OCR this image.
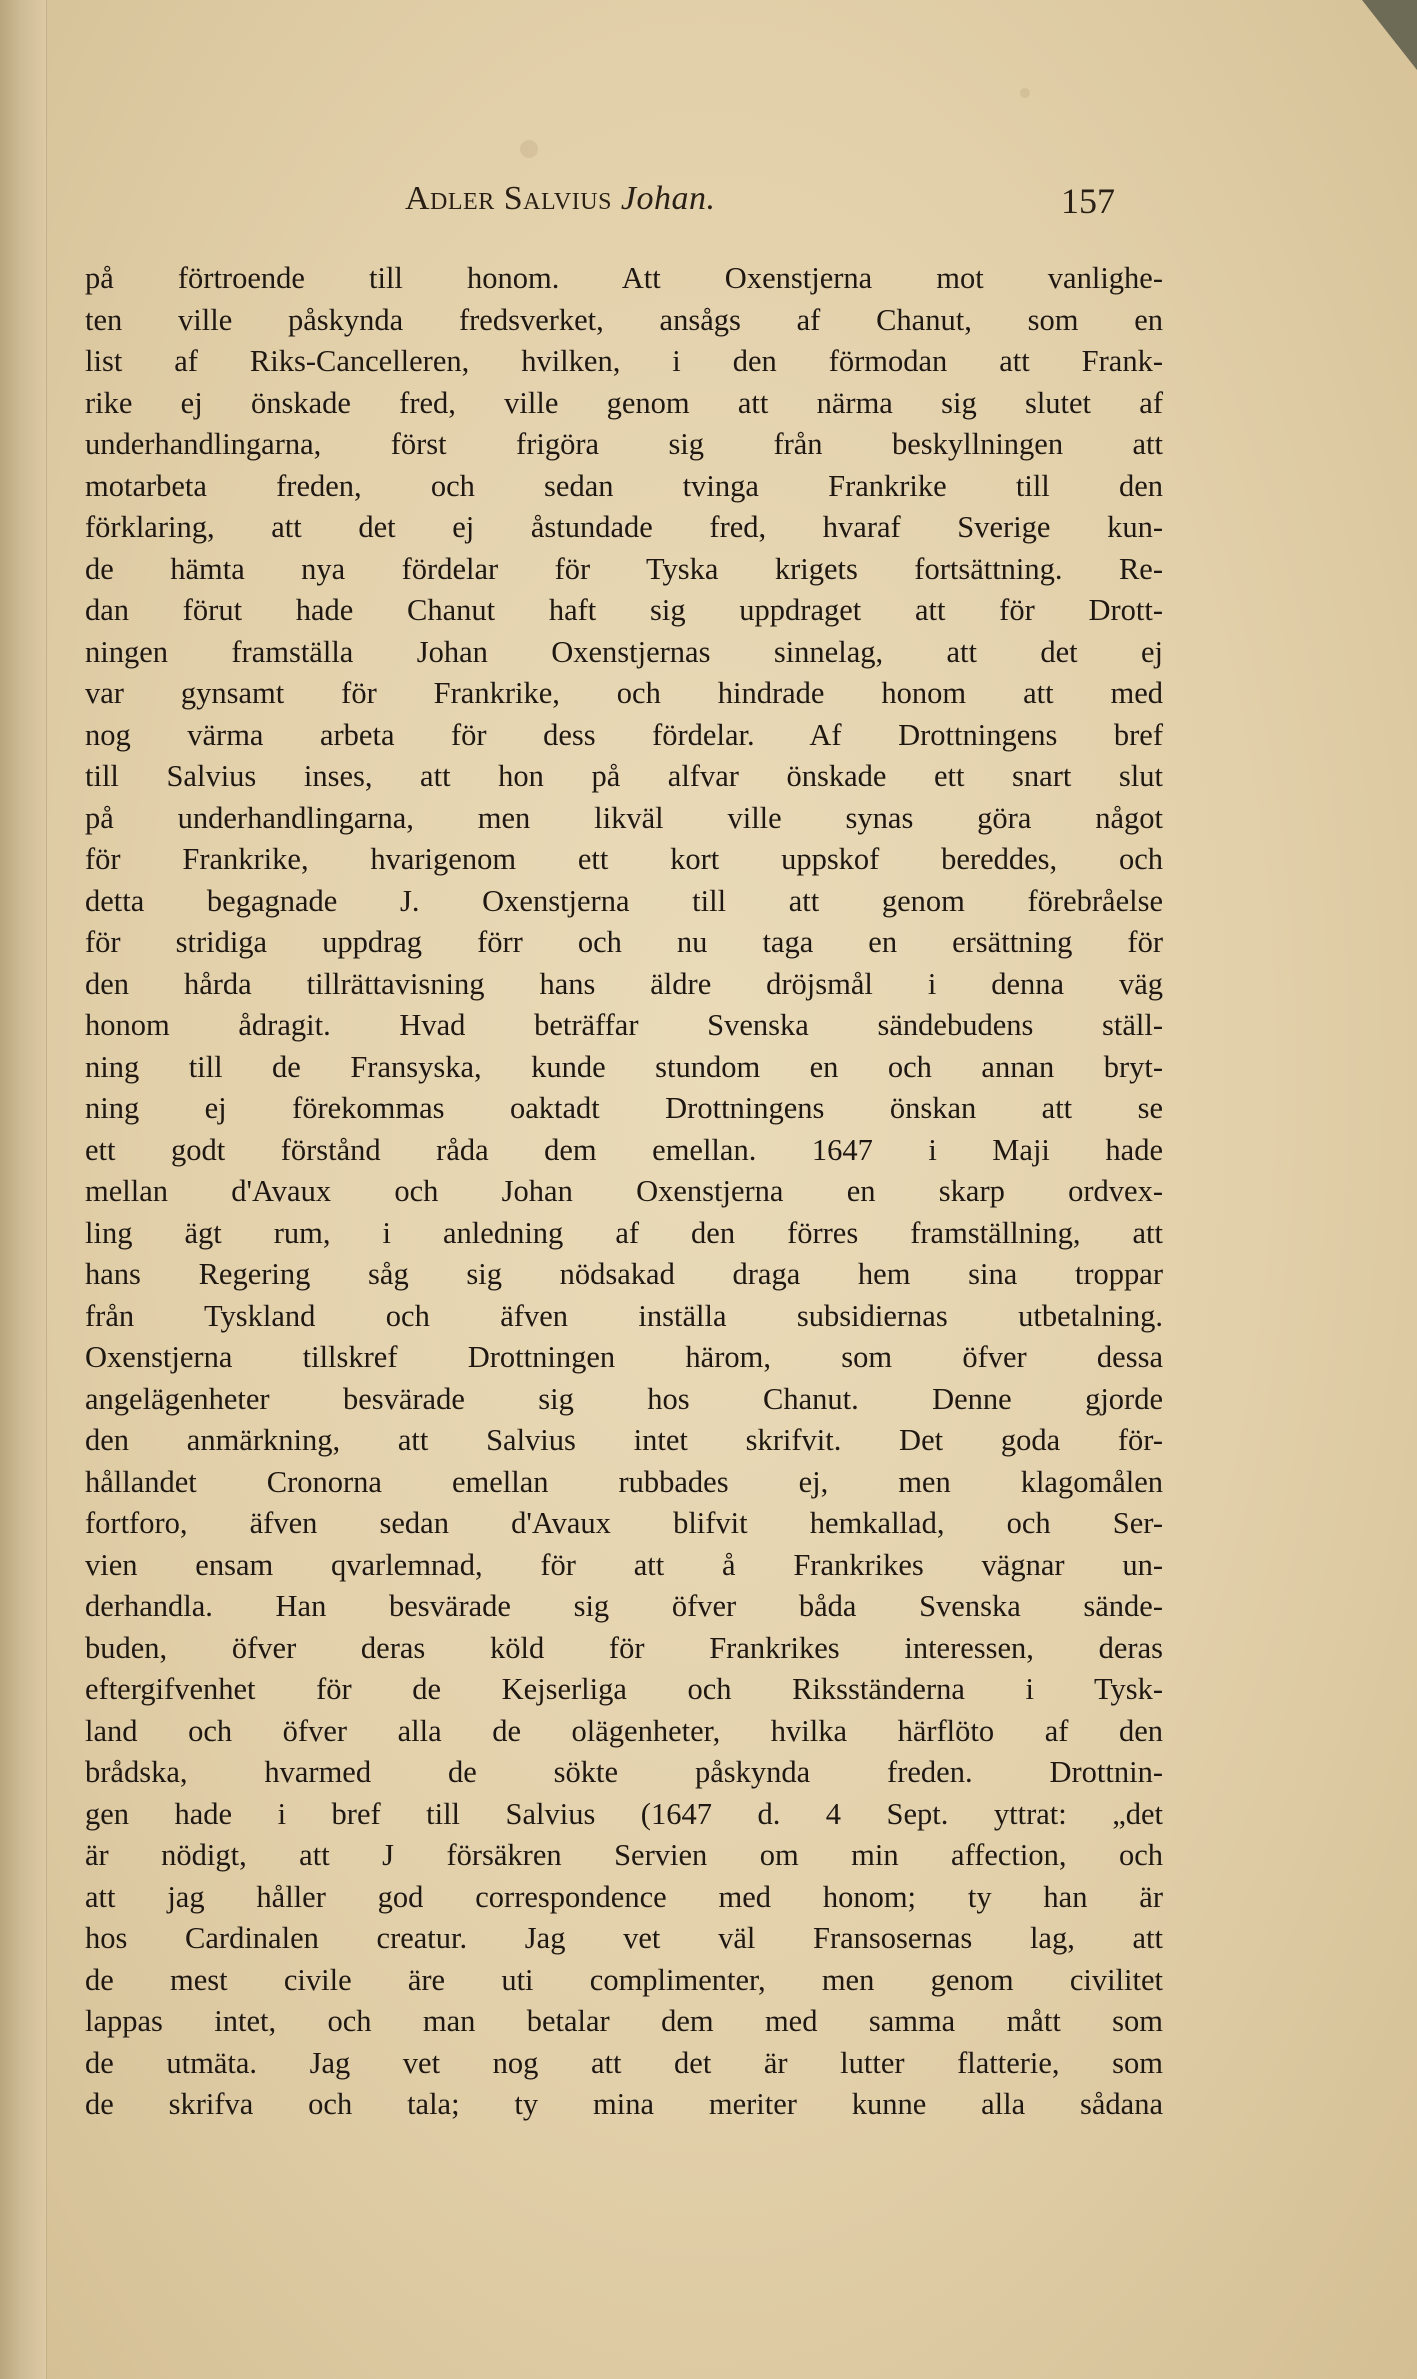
Adler Salvius Johan.	157
på förtroende till honom. Att Oxenstjerna mot vanlighe-
ten ville påskynda fredsverket, ansågs af Chanut, som en
list af Riks-Cancelleren, hvilken, i den förmodan att Frank-
rike ej önskade fred, ville genom att närma sig slutet af
underhandlingarna, först frigöra sig från beskyllningen att
motarbeta freden, och sedan tvinga Frankrike till den
förklaring, att det ej åstundade fred, hvaraf Sverige kun-
de hämta nya fördelar för Tyska krigets fortsättning. Re-
dan förut hade Chanut haft sig uppdraget att för Drott-
ningen framställa Johan Oxenstjernas sinnelag, att det ej
var gynsamt för Frankrike, och hindrade honom att med
nog värma arbeta för dess fördelar. Af Drottningens bref
till Salvius inses, att hon på alfvar önskade ett snart slut
på underhandlingarna, men likväl ville synas göra något
för Frankrike, hvarigenom ett kort uppskof bereddes, och
detta begagnade J. Oxenstjerna till att genom förebråelse
för stridiga uppdrag förr och nu taga en ersättning för
den hårda tillrättavisning hans äldre dröjsmål i denna väg
honom ådragit. Hvad beträffar Svenska sändebudens ställ-
ning till de Fransyska, kunde stundom en och annan bryt-
ning ej förekommas oaktadt Drottningens önskan att se
ett godt förstånd råda dem emellan. 1647 i Maji hade
mellan d'Avaux och Johan Oxenstjerna en skarp ordvex-
ling ägt rum, i anledning af den förres framställning, att
hans Regering såg sig nödsakad draga hem sina troppar
från Tyskland och äfven inställa subsidiernas utbetalning.
Oxenstjerna tillskref Drottningen härom, som öfver dessa
angelägenheter besvärade sig hos Chanut. Denne gjorde
den anmärkning, att Salvius intet skrifvit. Det goda för-
hållandet Cronorna emellan rubbades ej, men klagomålen
fortforo, äfven sedan d'Avaux blifvit hemkallad, och Ser-
vien ensam qvarlemnad, för att å Frankrikes vägnar un-
derhandla. Han besvärade sig öfver båda Svenska sände-
buden, öfver deras köld för Frankrikes interessen, deras
eftergifvenhet för de Kejserliga och Riksständerna i Tysk-
land och öfver alla de olägenheter, hvilka härflöto af den
brådska, hvarmed de sökte påskynda freden. Drottnin-
gen hade i bref till Salvius (1647 d. 4 Sept. yttrat: „det
är nödigt, att J försäkren Servien om min affection, och
att jag håller god correspondence med honom; ty han är
hos Cardinalen creatur. Jag vet väl Fransosernas lag, att
de mest civile äre uti complimenter, men genom civilitet
lappas intet, och man betalar dem med samma mått som
de utmäta. Jag vet nog att det är lutter flatterie, som
de skrifva och tala; ty mina meriter kunne alla sådana
